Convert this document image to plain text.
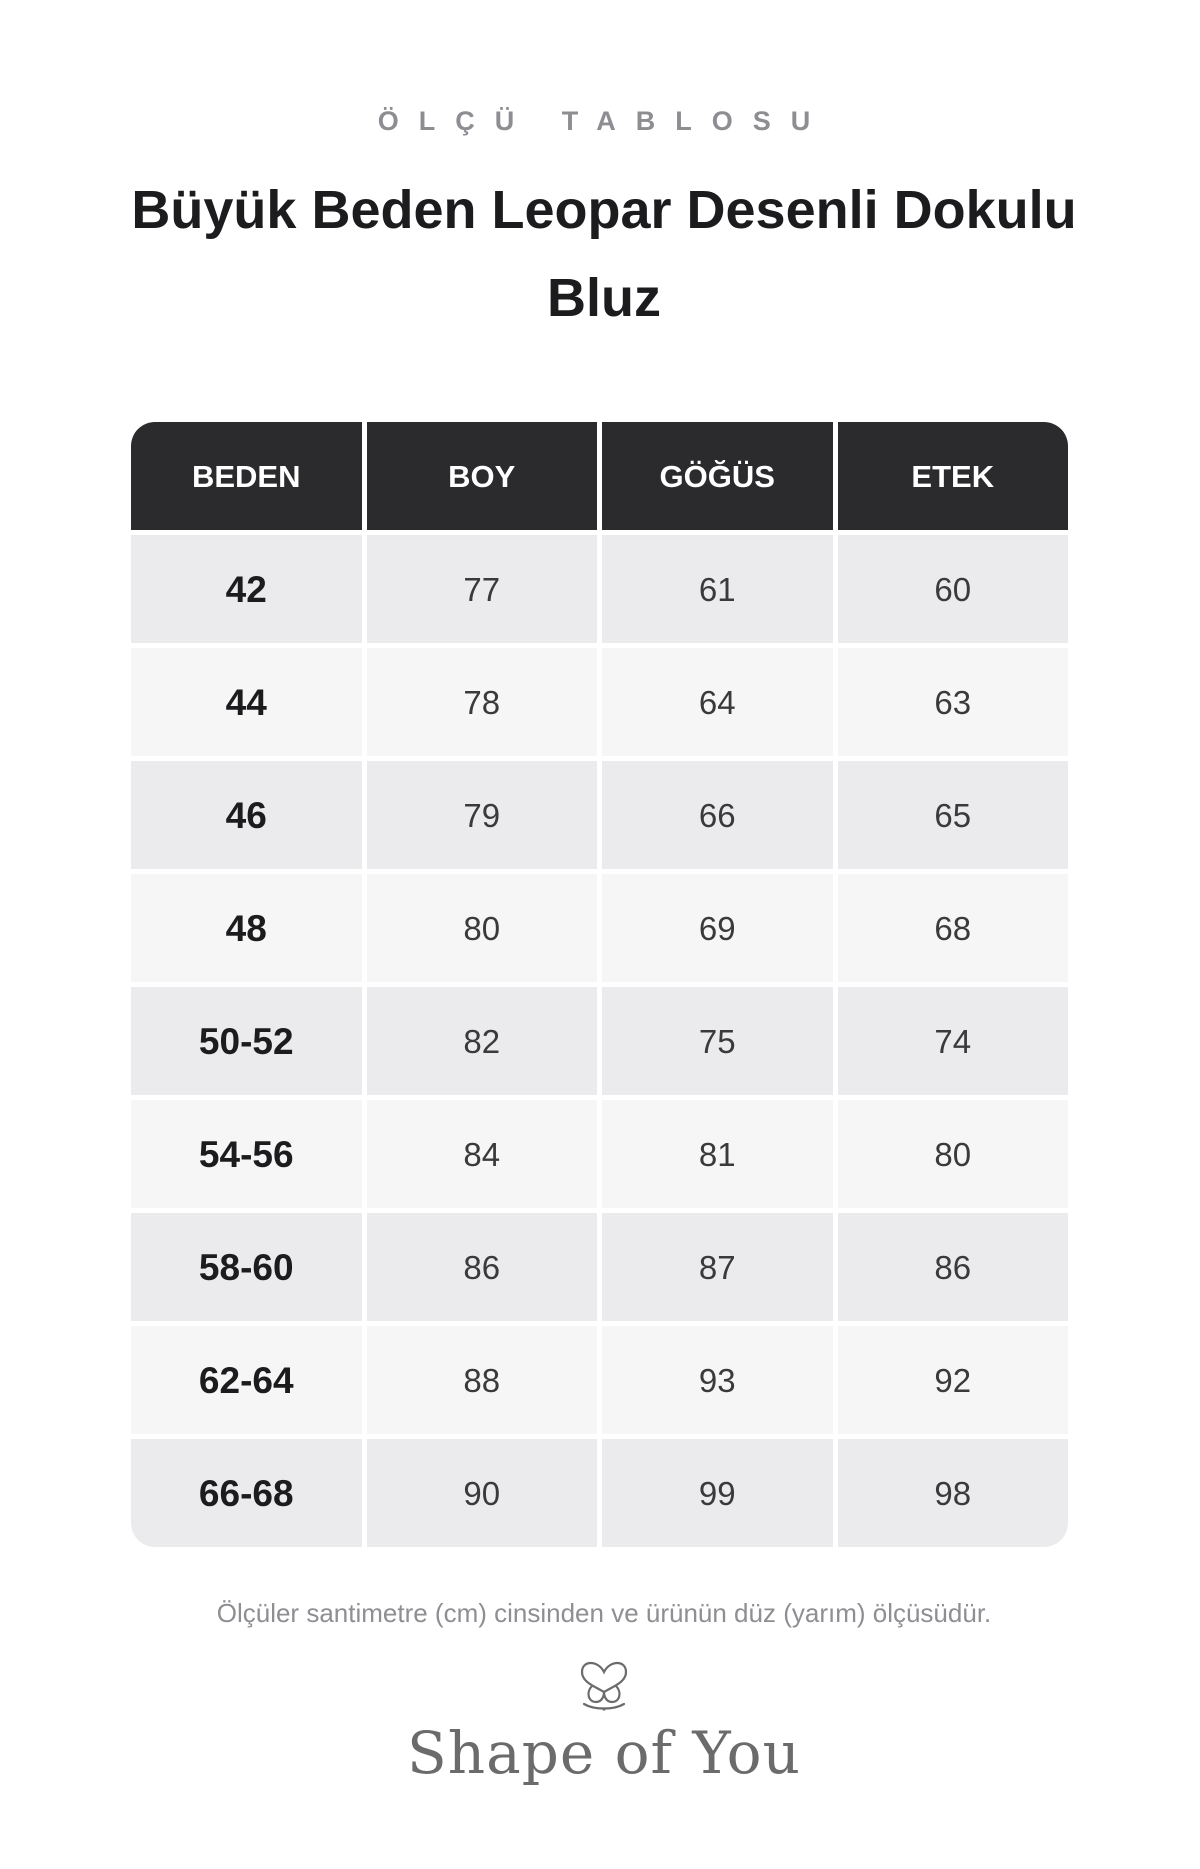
ÖLÇÜ TABLOSU
Büyük Beden Leopar Desenli Dokulu Bluz
BEDEN	BOY	GÖĞÜS	ETEK
42	77	61	60
44	78	64	63
46	79	66	65
48	80	69	68
50-52	82	75	74
54-56	84	81	80
58-60	86	87	86
62-64	88	93	92
66-68	90	99	98
Ölçüler santimetre (cm) cinsinden ve ürünün düz (yarım) ölçüsüdür.
Shape of You
